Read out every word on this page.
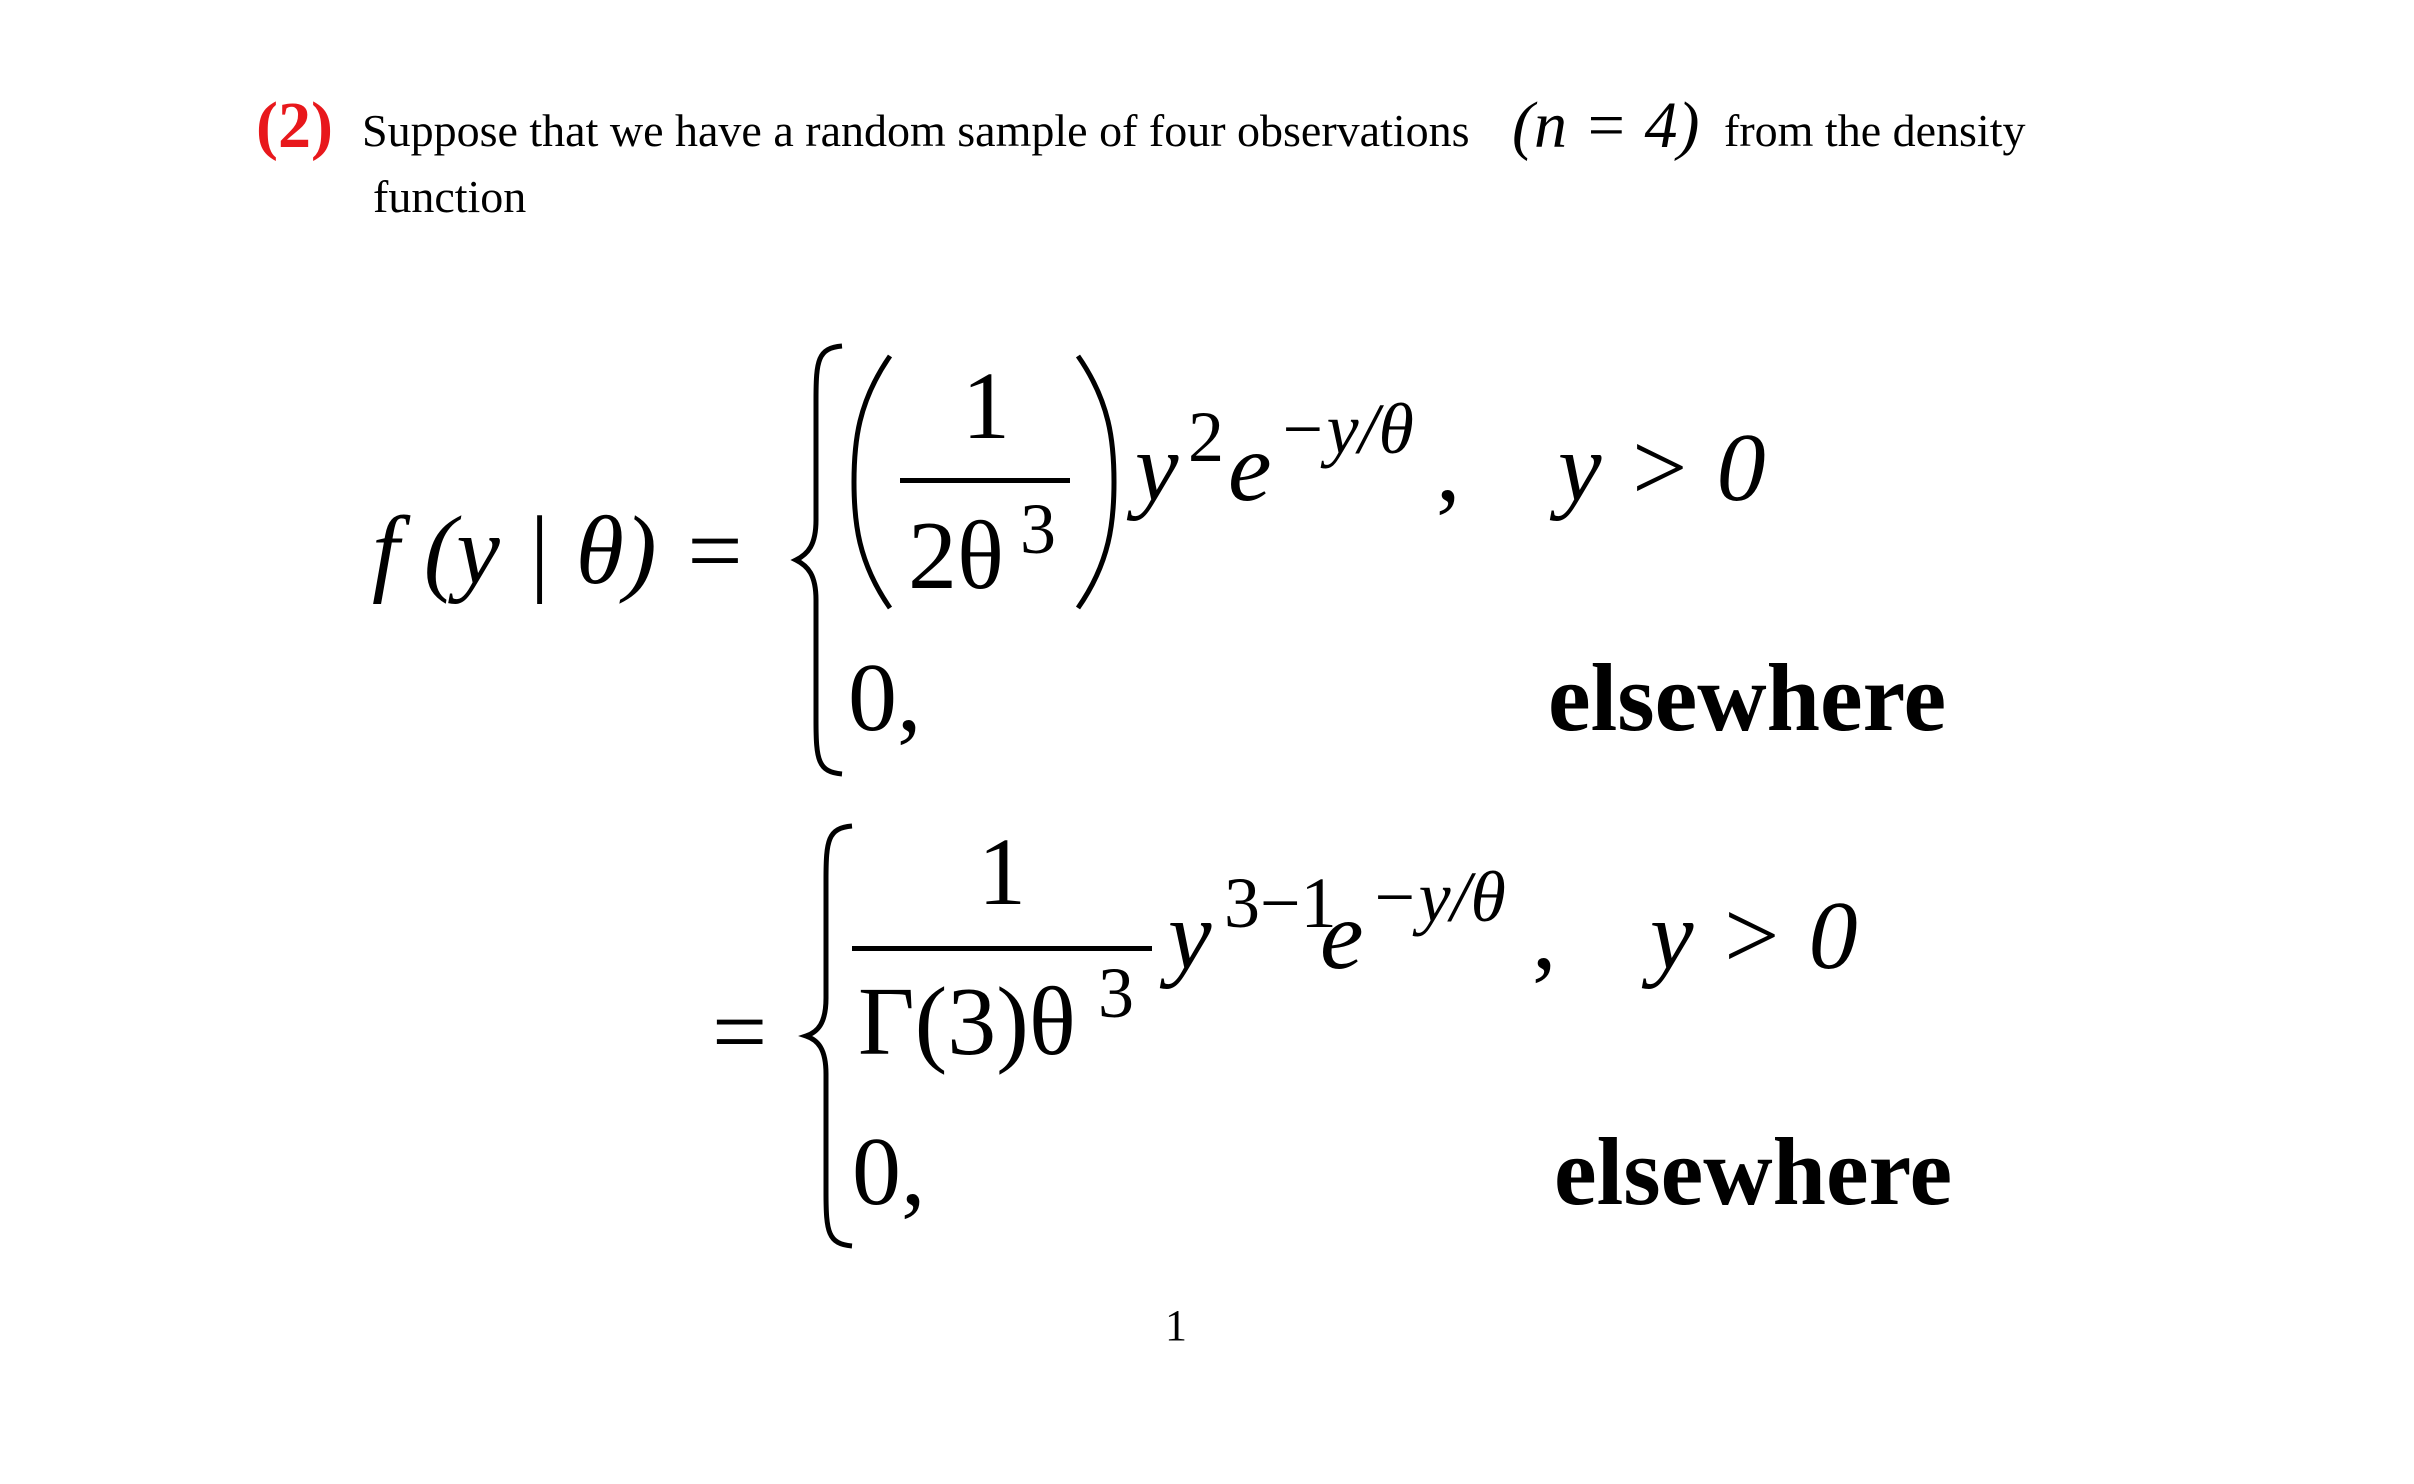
(2) Suppose that we have a random sample of four observations (n = 4) from the density
function
f (y | θ) =
1
2θ 3
y 2 e −y/θ , y > 0
0,	elsewhere
=
1
Γ(3)θ 3
y 3−1
e −y/θ , y > 0
0,	elsewhere
1
